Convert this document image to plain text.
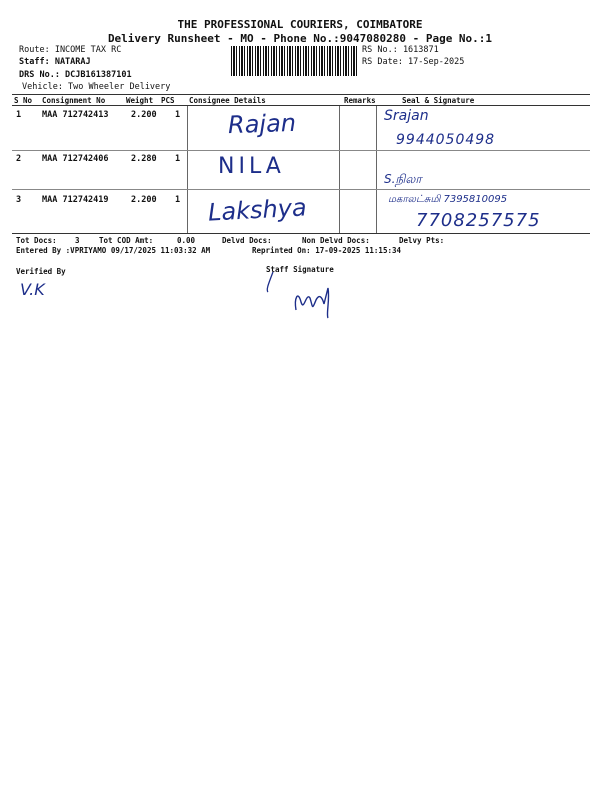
THE PROFESSIONAL COURIERS, COIMBATORE
Delivery Runsheet - MO - Phone No.:9047080280 - Page No.:1
Route: INCOME TAX RC
Staff: NATARAJ
DRS No.: DCJB161387101
Vehicle: Two Wheeler Delivery
RS No.: 1613871
RS Date: 17-Sep-2025
S No Consignment No	Weight PCS Consignee Details	Remarks	Seal & Signature
1 MAA 712742413	2.200 1 Rajan	Srajan
9944050498
2 MAA 712742406	2.280 1 NILA	S.நிலா
3 MAA 712742419	2.200 1 Lakshya	மகாலட்சுமி 7395810095
7708257575
Tot Docs: 3	Tot COD Amt:	0.00	Delvd Docs:	Non Delvd Docs:	Delvy Pts:
Entered By :VPRIYAMO 09/17/2025 11:03:32 AM	Reprinted On: 17-09-2025 11:15:34
Verified By	Staff Signature
V.K
